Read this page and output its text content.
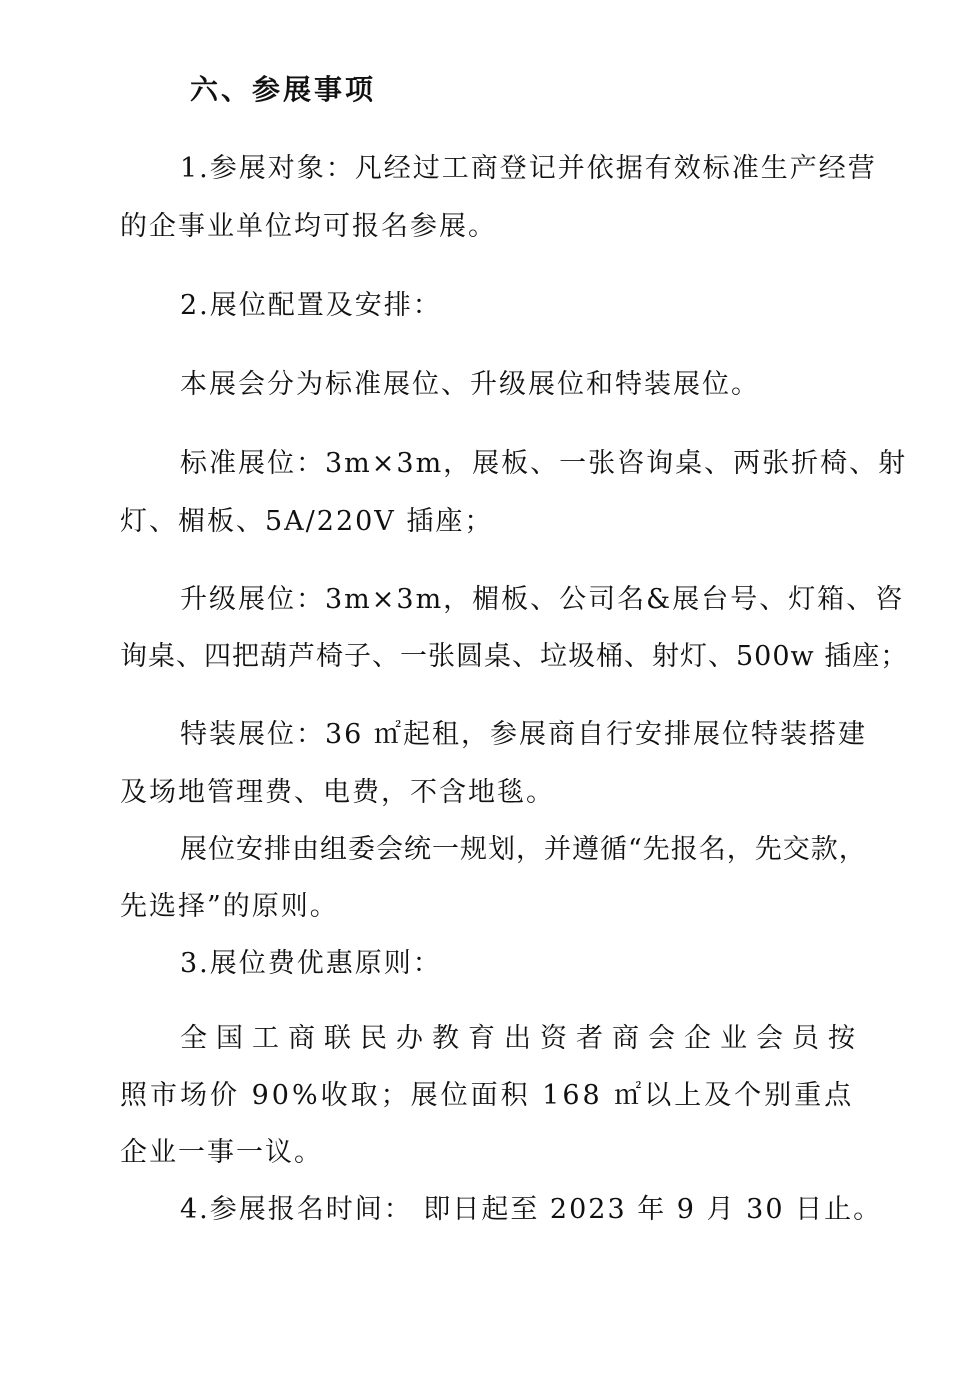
六、参展事项
1.参展对象：凡经过工商登记并依据有效标准生产经营
的企事业单位均可报名参展。
2.展位配置及安排：
本展会分为标准展位、升级展位和特装展位。
标准展位：3m×3m，展板、一张咨询桌、两张折椅、射
灯、楣板、5A/220V 插座；
升级展位：3m×3m，楣板、公司名&展台号、灯箱、咨
询桌、四把葫芦椅子、一张圆桌、垃圾桶、射灯、500w 插座；
特装展位：36 ㎡起租，参展商自行安排展位特装搭建
及场地管理费、电费，不含地毯。
展位安排由组委会统一规划，并遵循“先报名，先交款，
先选择”的原则。
3.展位费优惠原则：
全国工商联民办教育出资者商会企业会员按
照市场价 90%收取；展位面积 168 ㎡以上及个别重点
企业一事一议。
4.参展报名时间： 即日起至 2023 年 9 月 30 日止。
